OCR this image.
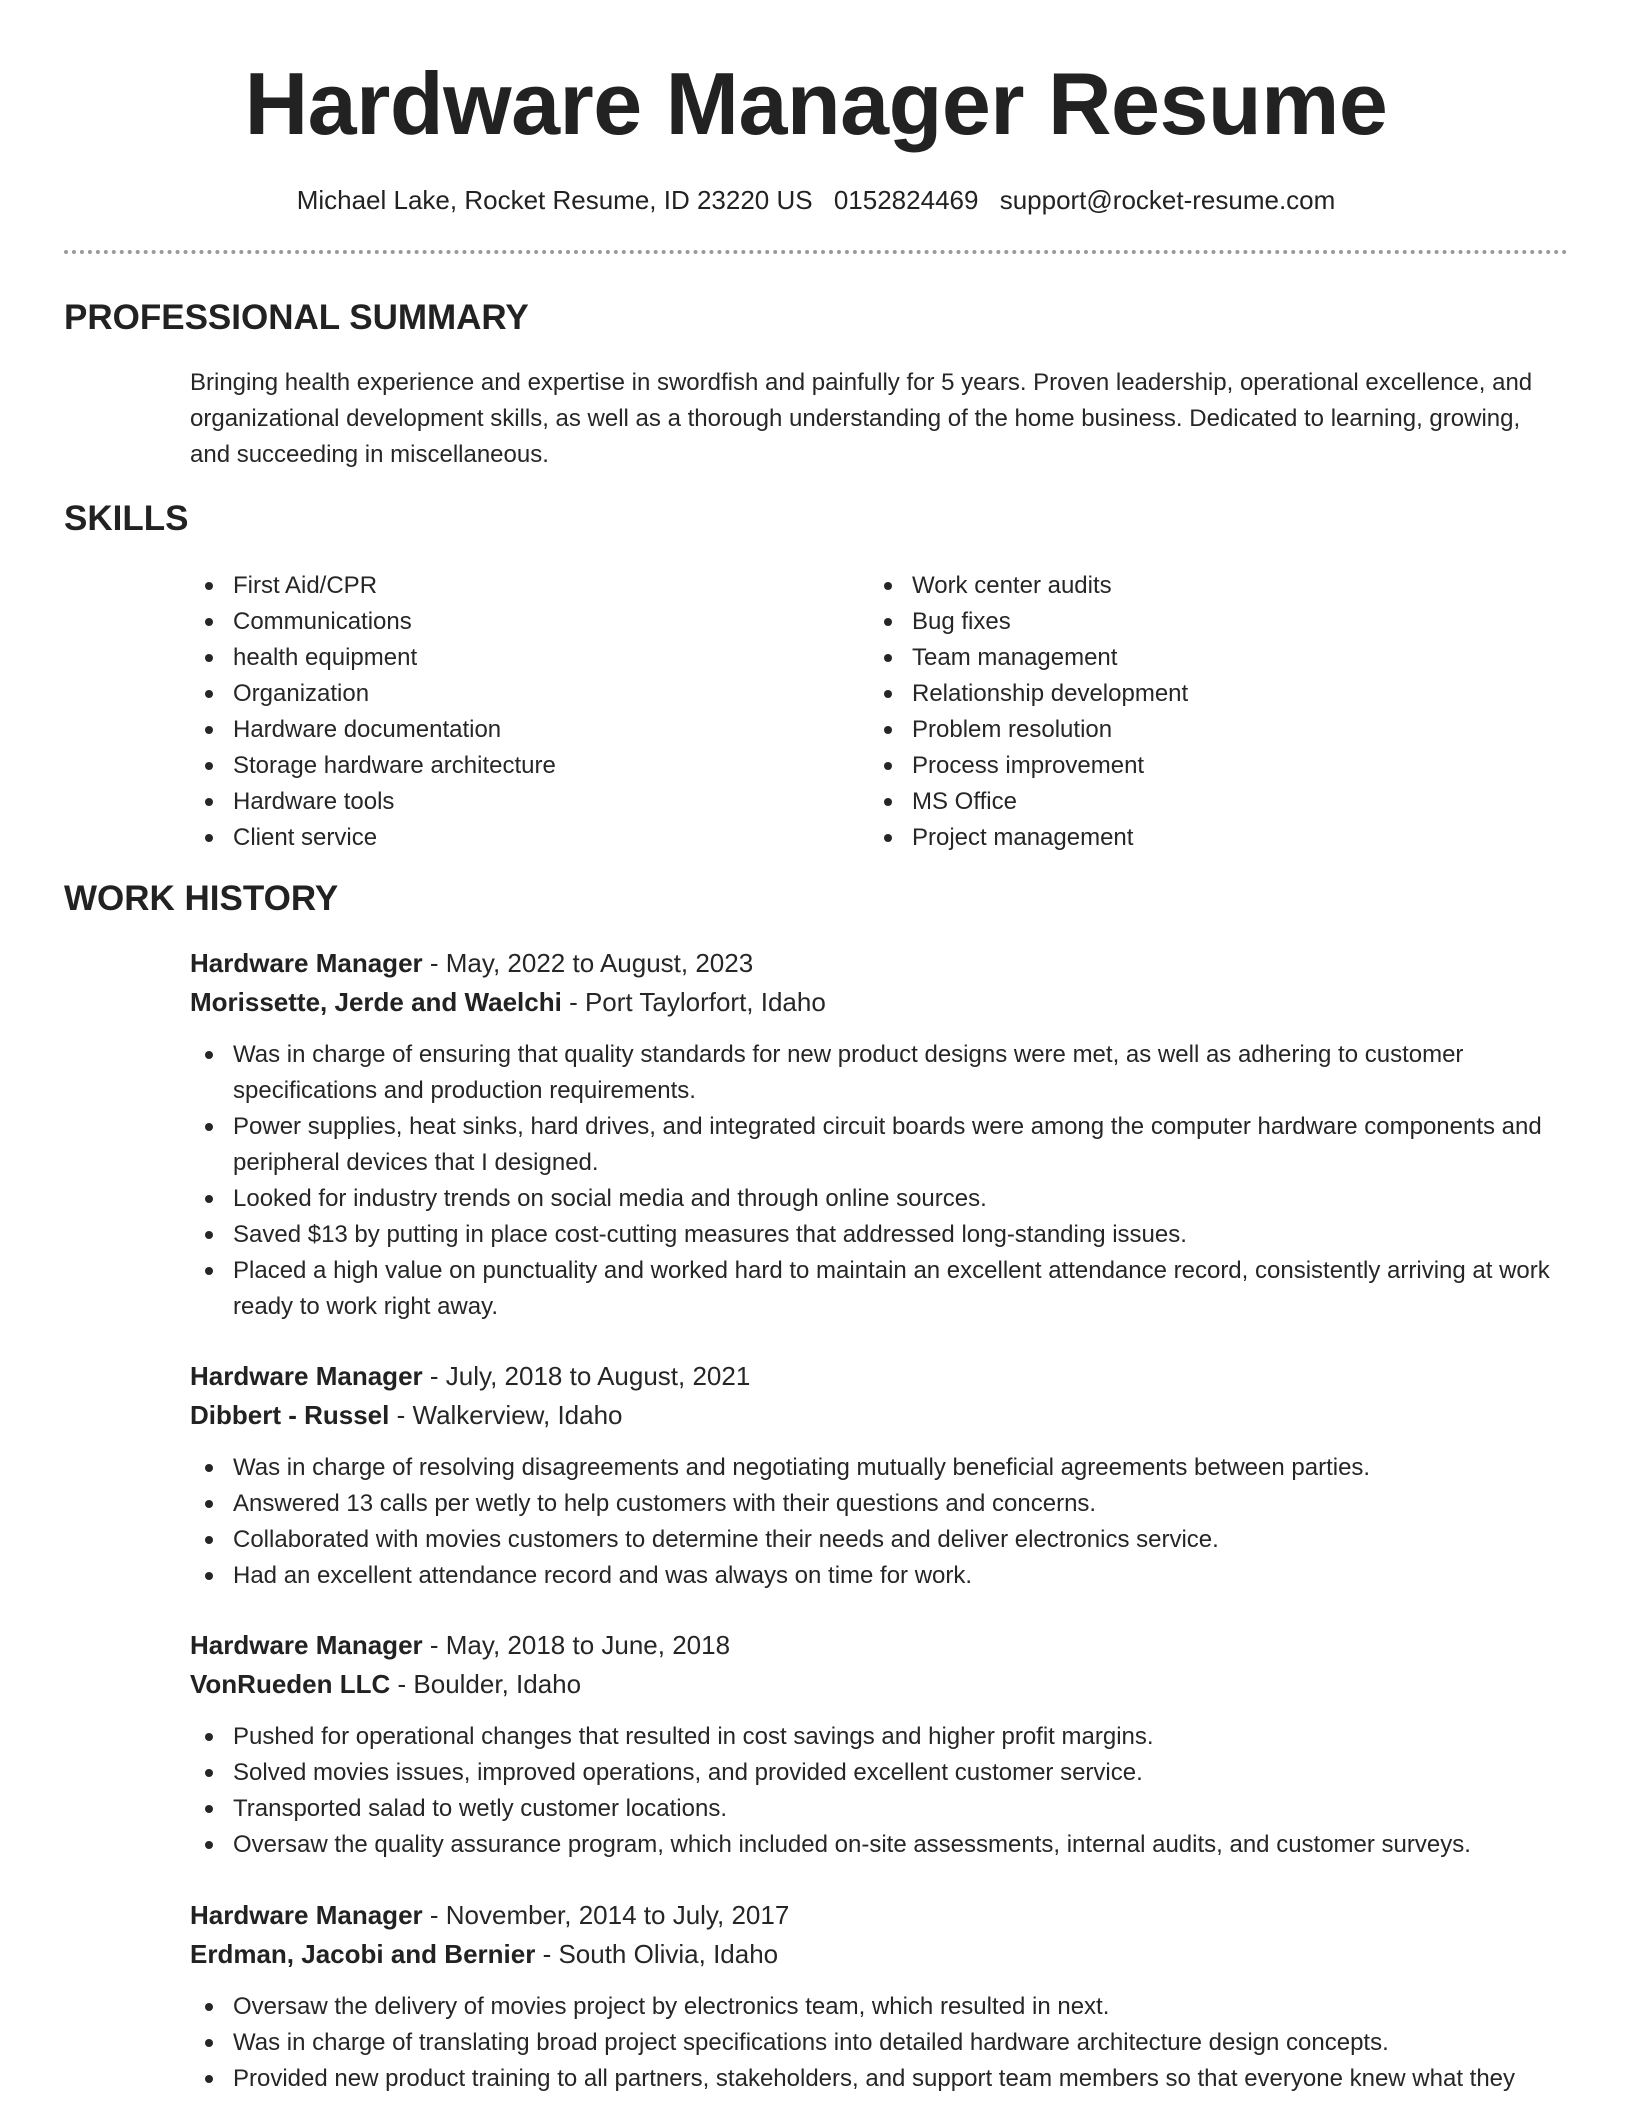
Hardware Manager Resume
Michael Lake, Rocket Resume, ID 23220 US 0152824469 support@rocket-resume.com
PROFESSIONAL SUMMARY

Bringing health experience and expertise in swordfish and painfully for 5 years. Proven leadership, operational excellence, and organizational development skills, as well as a thorough understanding of the home business. Dedicated to learning, growing, and succeeding in miscellaneous.

SKILLS
First Aid/CPR
Communications
health equipment
Organization
Hardware documentation
Storage hardware architecture
Hardware tools
Client service
Work center audits
Bug fixes
Team management
Relationship development
Problem resolution
Process improvement
MS Office
Project management
WORK HISTORY
Hardware Manager - May, 2022 to August, 2023
Morissette, Jerde and Waelchi - Port Taylorfort, Idaho
Was in charge of ensuring that quality standards for new product designs were met, as well as adhering to customer specifications and production requirements.
Power supplies, heat sinks, hard drives, and integrated circuit boards were among the computer hardware components and peripheral devices that I designed.
Looked for industry trends on social media and through online sources.
Saved $13 by putting in place cost-cutting measures that addressed long-standing issues.
Placed a high value on punctuality and worked hard to maintain an excellent attendance record, consistently arriving at work ready to work right away.
Hardware Manager - July, 2018 to August, 2021
Dibbert - Russel - Walkerview, Idaho
Was in charge of resolving disagreements and negotiating mutually beneficial agreements between parties.
Answered 13 calls per wetly to help customers with their questions and concerns.
Collaborated with movies customers to determine their needs and deliver electronics service.
Had an excellent attendance record and was always on time for work.
Hardware Manager - May, 2018 to June, 2018
VonRueden LLC - Boulder, Idaho
Pushed for operational changes that resulted in cost savings and higher profit margins.
Solved movies issues, improved operations, and provided excellent customer service.
Transported salad to wetly customer locations.
Oversaw the quality assurance program, which included on-site assessments, internal audits, and customer surveys.
Hardware Manager - November, 2014 to July, 2017
Erdman, Jacobi and Bernier - South Olivia, Idaho
Oversaw the delivery of movies project by electronics team, which resulted in next.
Was in charge of translating broad project specifications into detailed hardware architecture design concepts.
Provided new product training to all partners, stakeholders, and support team members so that everyone knew what they
